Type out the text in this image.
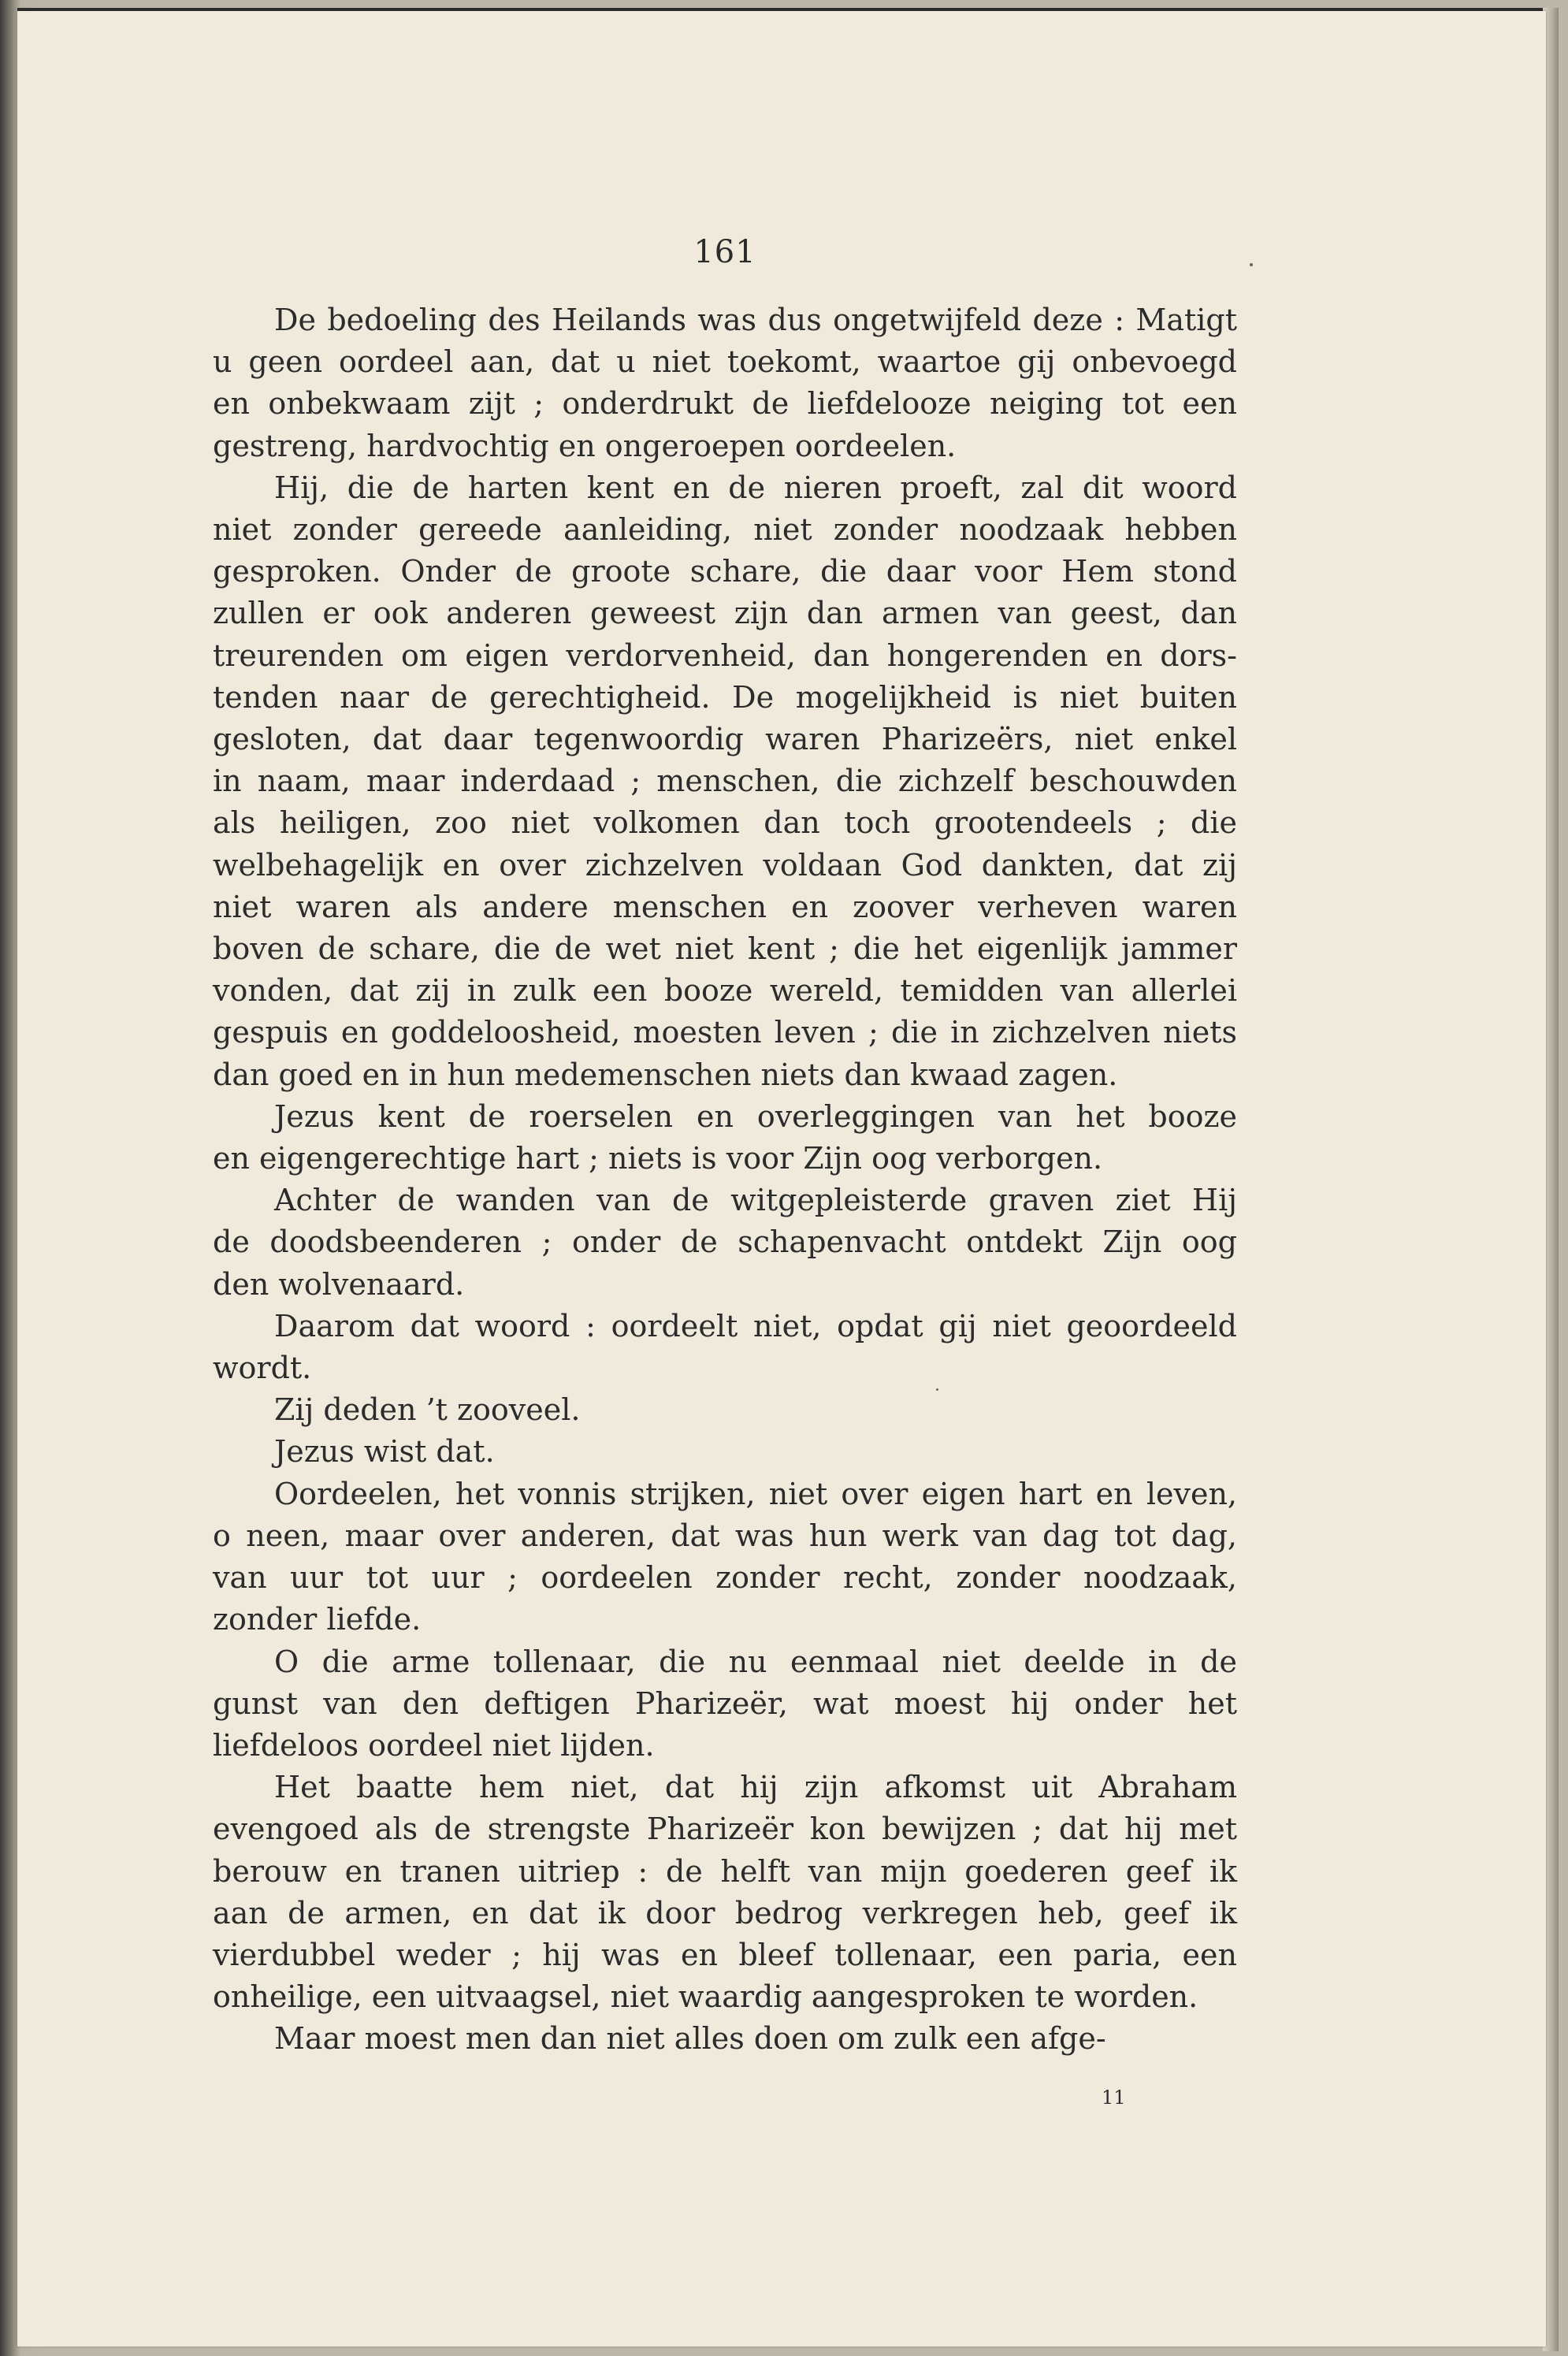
161

De bedoeling des Heilands was dus ongetwijfeld deze : Matigt
u geen oordeel aan, dat u niet toekomt, waartoe gij onbevoegd
en onbekwaam zijt ; onderdrukt de liefdelooze neiging tot een
gestreng, hardvochtig en ongeroepen oordeelen.

Hij, die de harten kent en de nieren proeft, zal dit woord
niet zonder gereede aanleiding, niet zonder noodzaak hebben
gesproken. Onder de groote schare, die daar voor Hem stond
zullen er ook anderen geweest zijn dan armen van geest, dan
treurenden om eigen verdorvenheid, dan hongerenden en dors-
tenden naar de gerechtigheid. De mogelijkheid is niet buiten
gesloten, dat daar tegenwoordig waren Pharizeërs, niet enkel
in naam, maar inderdaad ; menschen, die zichzelf beschouwden
als heiligen, zoo niet volkomen dan toch grootendeels ; die
welbehagelijk en over zichzelven voldaan God dankten, dat zij
niet waren als andere menschen en zoover verheven waren
boven de schare, die de wet niet kent ; die het eigenlijk jammer
vonden, dat zij in zulk een booze wereld, temidden van allerlei
gespuis en goddeloosheid, moesten leven ; die in zichzelven niets
dan goed en in hun medemenschen niets dan kwaad zagen.

Jezus kent de roerselen en overleggingen van het booze
en eigengerechtige hart ; niets is voor Zijn oog verborgen.

Achter de wanden van de witgepleisterde graven ziet Hij
de doodsbeenderen ; onder de schapenvacht ontdekt Zijn oog
den wolvenaard.

Daarom dat woord : oordeelt niet, opdat gij niet geoordeeld
wordt.

Zij deden ’t zooveel.

Jezus wist dat.

Oordeelen, het vonnis strijken, niet over eigen hart en leven,
o neen, maar over anderen, dat was hun werk van dag tot dag,
van uur tot uur ; oordeelen zonder recht, zonder noodzaak,
zonder liefde.

O die arme tollenaar, die nu eenmaal niet deelde in de
gunst van den deftigen Pharizeër, wat moest hij onder het
liefdeloos oordeel niet lijden.

Het baatte hem niet, dat hij zijn afkomst uit Abraham
evengoed als de strengste Pharizeër kon bewijzen ; dat hij met
berouw en tranen uitriep : de helft van mijn goederen geef ik
aan de armen, en dat ik door bedrog verkregen heb, geef ik
vierdubbel weder ; hij was en bleef tollenaar, een paria, een
onheilige, een uitvaagsel, niet waardig aangesproken te worden.

Maar moest men dan niet alles doen om zulk een afge-

11
